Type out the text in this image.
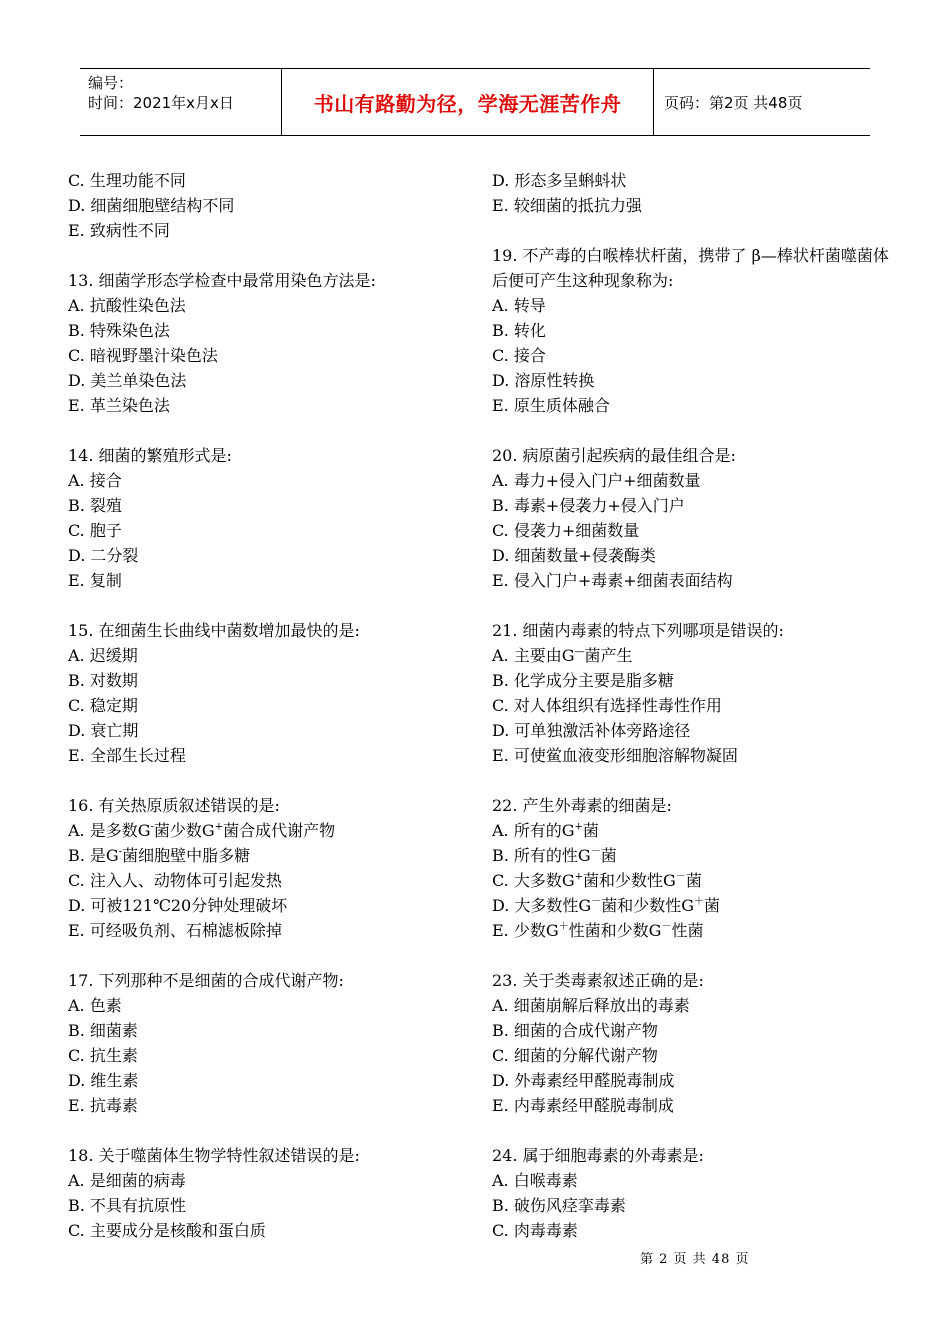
编号：
时间：2021年x月x日	书山有路勤为径，学海无涯苦作舟	页码：第2页 共48页
C. 生理功能不同
D. 细菌细胞壁结构不同
E. 致病性不同
13. 细菌学形态学检查中最常用染色方法是:
A. 抗酸性染色法
B. 特殊染色法
C. 暗视野墨汁染色法
D. 美兰单染色法
E. 革兰染色法
14. 细菌的繁殖形式是:
A. 接合
B. 裂殖
C. 胞子
D. 二分裂
E. 复制
15. 在细菌生长曲线中菌数增加最快的是:
A. 迟缓期
B. 对数期
C. 稳定期
D. 衰亡期
E. 全部生长过程
16. 有关热原质叙述错误的是:
A. 是多数G-菌少数G+菌合成代谢产物
B. 是G-菌细胞壁中脂多糖
C. 注入人、动物体可引起发热
D. 可被121℃20分钟处理破坏
E. 可经吸负剂、石棉滤板除掉
17. 下列那种不是细菌的合成代谢产物:
A. 色素
B. 细菌素
C. 抗生素
D. 维生素
E. 抗毒素
18. 关于噬菌体生物学特性叙述错误的是:
A. 是细菌的病毒
B. 不具有抗原性
C. 主要成分是核酸和蛋白质
D. 形态多呈蝌蚪状
E. 较细菌的抵抗力强
19. 不产毒的白喉棒状杆菌，携带了 β—棒状杆菌噬菌体后便可产生这种现象称为:
A. 转导
B. 转化
C. 接合
D. 溶原性转换
E. 原生质体融合
20. 病原菌引起疾病的最佳组合是:
A. 毒力+侵入门户+细菌数量
B. 毒素+侵袭力+侵入门户
C. 侵袭力+细菌数量
D. 细菌数量+侵袭酶类
E. 侵入门户+毒素+细菌表面结构
21. 细菌内毒素的特点下列哪项是错误的:
A. 主要由G—菌产生
B. 化学成分主要是脂多糖
C. 对人体组织有选择性毒性作用
D. 可单独激活补体旁路途径
E. 可使鲎血液变形细胞溶解物凝固
22. 产生外毒素的细菌是:
A. 所有的G+菌
B. 所有的性G－菌
C. 大多数G+菌和少数性G－菌
D. 大多数性G－菌和少数性G＋菌
E. 少数G＋性菌和少数G－性菌
23. 关于类毒素叙述正确的是:
A. 细菌崩解后释放出的毒素
B. 细菌的合成代谢产物
C. 细菌的分解代谢产物
D. 外毒素经甲醛脱毒制成
E. 内毒素经甲醛脱毒制成
24. 属于细胞毒素的外毒素是:
A. 白喉毒素
B. 破伤风痉挛毒素
C. 肉毒毒素
第 2 页 共 48 页
